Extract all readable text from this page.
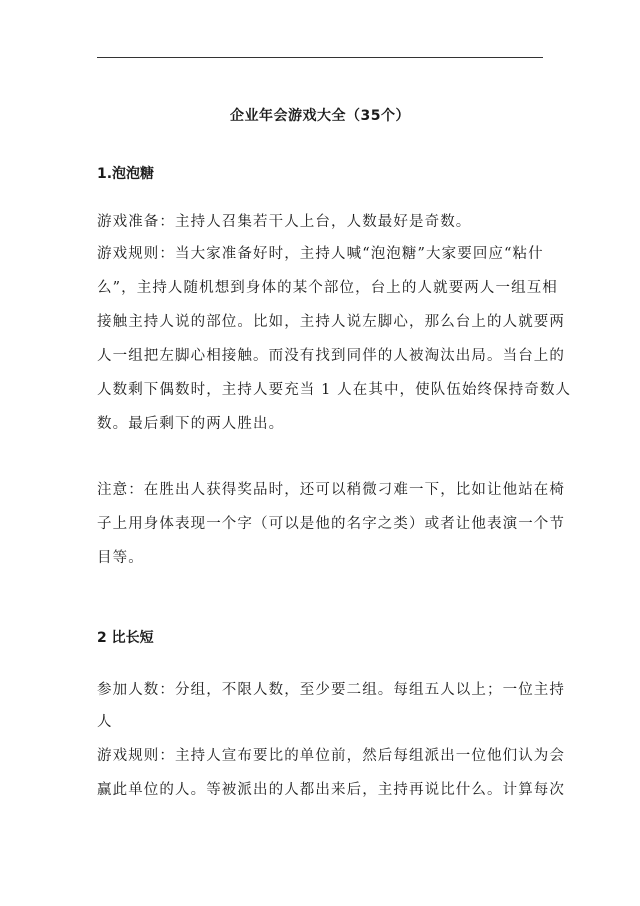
企业年会游戏大全（35个）
1.泡泡糖
游戏准备：主持人召集若干人上台，人数最好是奇数。
游戏规则：当大家准备好时，主持人喊“泡泡糖”大家要回应“粘什
么”，主持人随机想到身体的某个部位，台上的人就要两人一组互相
接触主持人说的部位。比如，主持人说左脚心，那么台上的人就要两
人一组把左脚心相接触。而没有找到同伴的人被淘汰出局。当台上的
人数剩下偶数时，主持人要充当 1 人在其中，使队伍始终保持奇数人
数。最后剩下的两人胜出。
注意：在胜出人获得奖品时，还可以稍微刁难一下，比如让他站在椅
子上用身体表现一个字（可以是他的名字之类）或者让他表演一个节
目等。
2 比长短
参加人数：分组，不限人数，至少要二组。每组五人以上；一位主持
人
游戏规则：主持人宣布要比的单位前，然后每组派出一位他们认为会
赢此单位的人。等被派出的人都出来后，主持再说比什么。计算每次
